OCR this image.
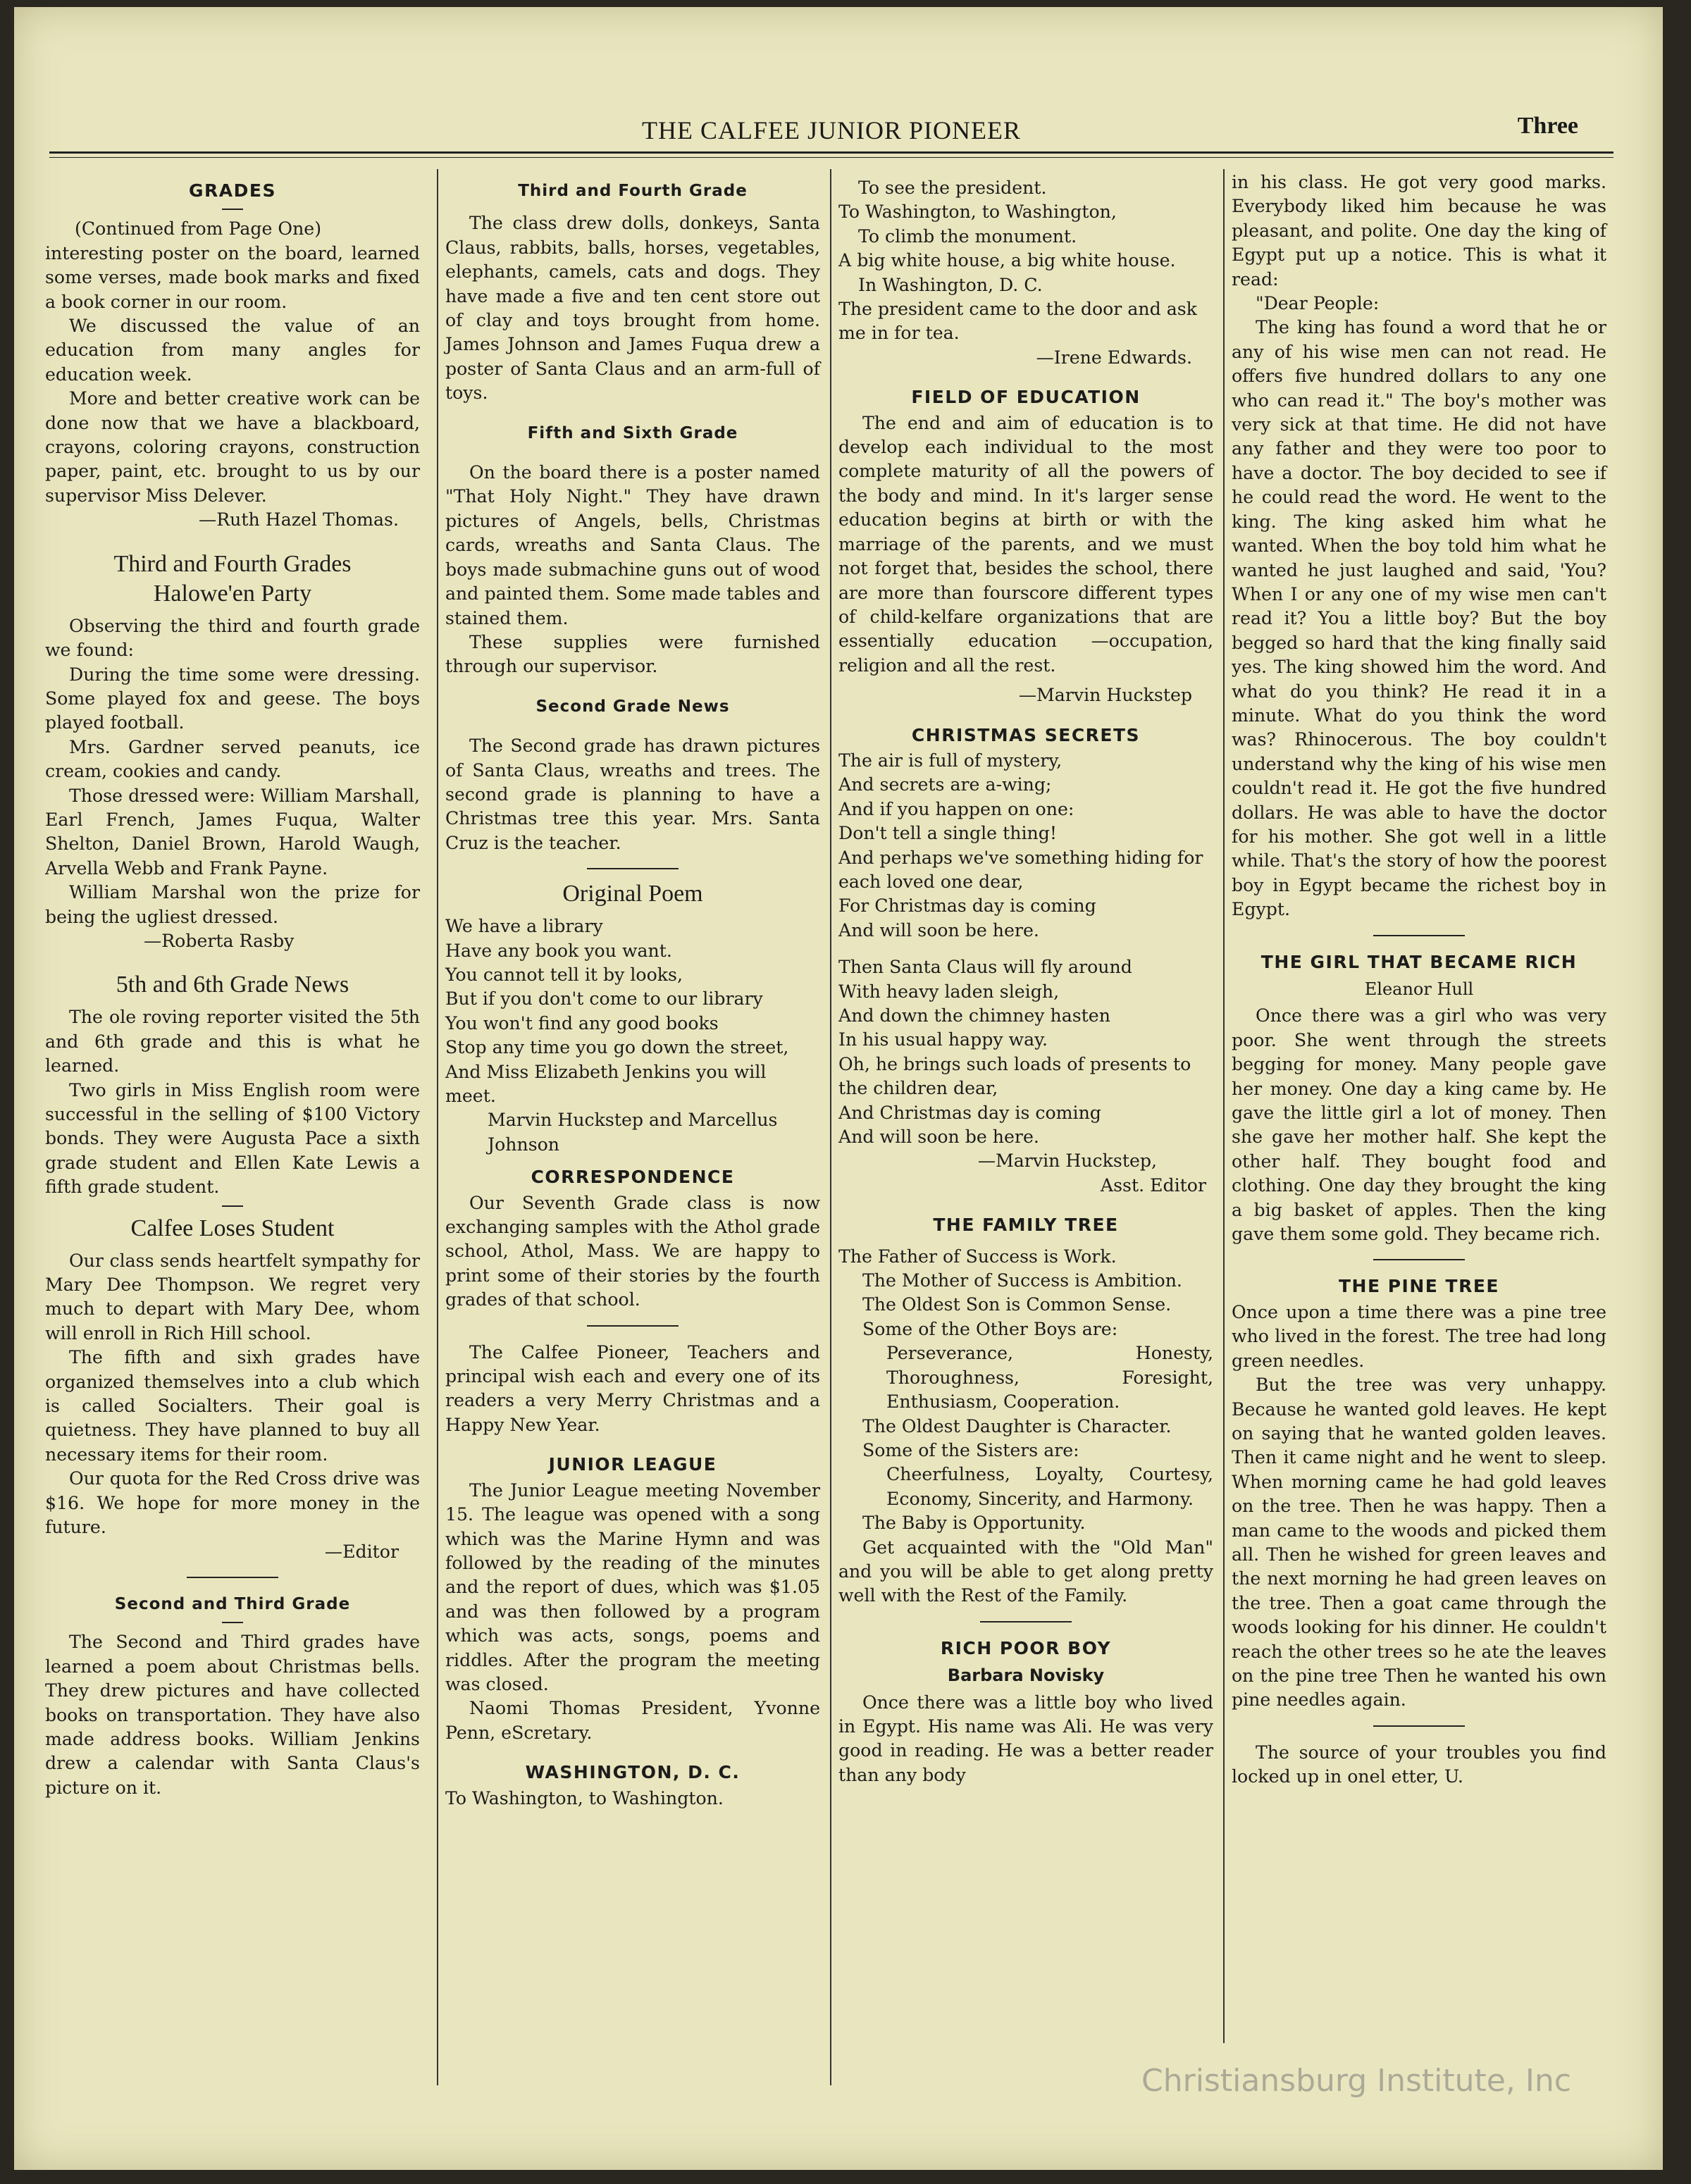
THE CALFEE JUNIOR PIONEER	Three
GRADES

(Continued from Page One)

interesting poster on the board, learned some verses, made book marks and fixed a book corner in our room.

We discussed the value of an education from many angles for education week.

More and better creative work can be done now that we have a blackboard, crayons, coloring crayons, construction paper, paint, etc. brought to us by our supervisor Miss Delever.

—Ruth Hazel Thomas.
Third and Fourth Grades
Halowe'en Party

Observing the third and fourth grade we found:

During the time some were dressing. Some played fox and geese. The boys played football.

Mrs. Gardner served peanuts, ice cream, cookies and candy.

Those dressed were: William Marshall, Earl French, James Fuqua, Walter Shelton, Daniel Brown, Harold Waugh, Arvella Webb and Frank Payne.

William Marshal won the prize for being the ugliest dressed.

—Roberta Rasby
5th and 6th Grade News

The ole roving reporter visited the 5th and 6th grade and this is what he learned.

Two girls in Miss English room were successful in the selling of $100 Victory bonds. They were Augusta Pace a sixth grade student and Ellen Kate Lewis a fifth grade student.

Calfee Loses Student

Our class sends heartfelt sympathy for Mary Dee Thompson. We regret very much to depart with Mary Dee, whom will enroll in Rich Hill school.

The fifth and sixh grades have organized themselves into a club which is called Socialters. Their goal is quietness. They have planned to buy all necessary items for their room.

Our quota for the Red Cross drive was $16. We hope for more money in the future.

—Editor
Second and Third Grade

The Second and Third grades have learned a poem about Christmas bells. They drew pictures and have collected books on transportation. They have also made address books. William Jenkins drew a calendar with Santa Claus's picture on it.

Third and Fourth Grade

The class drew dolls, donkeys, Santa Claus, rabbits, balls, horses, vegetables, elephants, camels, cats and dogs. They have made a five and ten cent store out of clay and toys brought from home. James Johnson and James Fuqua drew a poster of Santa Claus and an arm-full of toys.

Fifth and Sixth Grade

On the board there is a poster named "That Holy Night." They have drawn pictures of Angels, bells, Christmas cards, wreaths and Santa Claus. The boys made submachine guns out of wood and painted them. Some made tables and stained them.

These supplies were furnished through our supervisor.

Second Grade News

The Second grade has drawn pictures of Santa Claus, wreaths and trees. The second grade is planning to have a Christmas tree this year. Mrs. Santa Cruz is the teacher.

Original Poem
We have a library
Have any book you want.
You cannot tell it by looks,
But if you don't come to our library
You won't find any good books
Stop any time you go down the street,
And Miss Elizabeth Jenkins you will meet.
Marvin Huckstep and Marcellus Johnson
CORRESPONDENCE

Our Seventh Grade class is now exchanging samples with the Athol grade school, Athol, Mass. We are happy to print some of their stories by the fourth grades of that school.

The Calfee Pioneer, Teachers and principal wish each and every one of its readers a very Merry Christmas and a Happy New Year.

JUNIOR LEAGUE

The Junior League meeting November 15. The league was opened with a song which was the Marine Hymn and was followed by the reading of the minutes and the report of dues, which was $1.05 and was then followed by a program which was acts, songs, poems and riddles. After the program the meeting was closed.

Naomi Thomas President, Yvonne Penn, eScretary.

WASHINGTON, D. C.
To Washington, to Washington.
To see the president.
To Washington, to Washington,
To climb the monument.
A big white house, a big white house.
In Washington, D. C.
The president came to the door and ask me in for tea.
—Irene Edwards.
FIELD OF EDUCATION

The end and aim of education is to develop each individual to the most complete maturity of all the powers of the body and mind. In it's larger sense education begins at birth or with the marriage of the parents, and we must not forget that, besides the school, there are more than fourscore different types of child-kelfare organizations that are essentially education —occupation, religion and all the rest.

—Marvin Huckstep
CHRISTMAS SECRETS
The air is full of mystery,
And secrets are a-wing;
And if you happen on one:
Don't tell a single thing!
And perhaps we've something hiding for each loved one dear,
For Christmas day is coming
And will soon be here.
Then Santa Claus will fly around
With heavy laden sleigh,
And down the chimney hasten
In his usual happy way.
Oh, he brings such loads of presents to the children dear,
And Christmas day is coming
And will soon be here.
—Marvin Huckstep,
Asst. Editor
THE FAMILY TREE

The Father of Success is Work.

The Mother of Success is Ambition.

The Oldest Son is Common Sense.

Some of the Other Boys are:

Perseverance, Honesty, Thoroughness, Foresight, Enthusiasm, Cooperation.

The Oldest Daughter is Character.

Some of the Sisters are:

Cheerfulness, Loyalty, Courtesy, Economy, Sincerity, and Harmony.

The Baby is Opportunity.

Get acquainted with the "Old Man" and you will be able to get along pretty well with the Rest of the Family.

RICH POOR BOY
Barbara Novisky

Once there was a little boy who lived in Egypt. His name was Ali. He was very good in reading. He was a better reader than any body

in his class. He got very good marks. Everybody liked him because he was pleasant, and polite. One day the king of Egypt put up a notice. This is what it read:

"Dear People:

The king has found a word that he or any of his wise men can not read. He offers five hundred dollars to any one who can read it." The boy's mother was very sick at that time. He did not have any father and they were too poor to have a doctor. The boy decided to see if he could read the word. He went to the king. The king asked him what he wanted. When the boy told him what he wanted he just laughed and said, 'You? When I or any one of my wise men can't read it? You a little boy? But the boy begged so hard that the king finally said yes. The king showed him the word. And what do you think? He read it in a minute. What do you think the word was? Rhinocerous. The boy couldn't understand why the king of his wise men couldn't read it. He got the five hundred dollars. He was able to have the doctor for his mother. She got well in a little while. That's the story of how the poorest boy in Egypt became the richest boy in Egypt.

THE GIRL THAT BECAME RICH
Eleanor Hull

Once there was a girl who was very poor. She went through the streets begging for money. Many people gave her money. One day a king came by. He gave the little girl a lot of money. Then she gave her mother half. She kept the other half. They bought food and clothing. One day they brought the king a big basket of apples. Then the king gave them some gold. They became rich.

THE PINE TREE

Once upon a time there was a pine tree who lived in the forest. The tree had long green needles.

But the tree was very unhappy. Because he wanted gold leaves. He kept on saying that he wanted golden leaves. Then it came night and he went to sleep. When morning came he had gold leaves on the tree. Then he was happy. Then a man came to the woods and picked them all. Then he wished for green leaves and the next morning he had green leaves on the tree. Then a goat came through the woods looking for his dinner. He couldn't reach the other trees so he ate the leaves on the pine tree Then he wanted his own pine needles again.

The source of your troubles you find locked up in onel etter, U.

Christiansburg Institute, Inc
